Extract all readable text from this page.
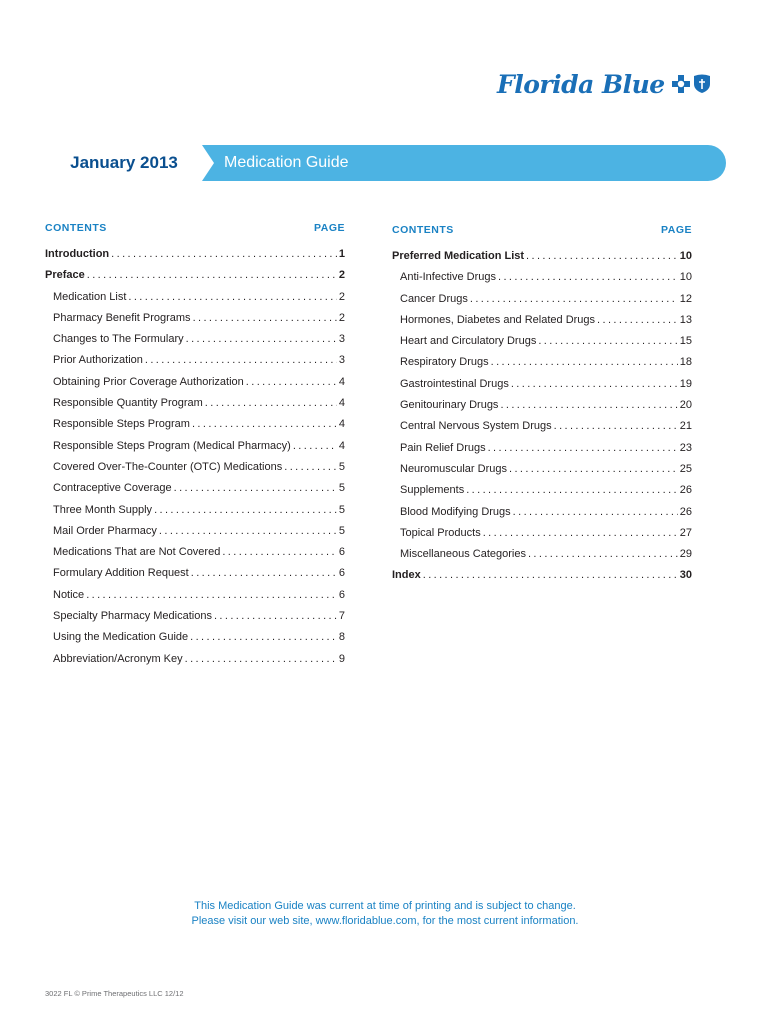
Florida Blue
January 2013	Medication Guide
CONTENTS	PAGE
Introduction .....	1
Preface .....	2
Medication List .....	2
Pharmacy Benefit Programs .....	2
Changes to The Formulary .....	3
Prior Authorization .....	3
Obtaining Prior Coverage Authorization .....	4
Responsible Quantity Program .....	4
Responsible Steps Program .....	4
Responsible Steps Program (Medical Pharmacy) .....	4
Covered Over-The-Counter (OTC) Medications .....	5
Contraceptive Coverage .....	5
Three Month Supply .....	5
Mail Order Pharmacy .....	5
Medications That are Not Covered .....	6
Formulary Addition Request .....	6
Notice .....	6
Specialty Pharmacy Medications .....	7
Using the Medication Guide .....	8
Abbreviation/Acronym Key .....	9
CONTENTS	PAGE
Preferred Medication List .....	10
Anti-Infective Drugs .....	10
Cancer Drugs .....	12
Hormones, Diabetes and Related Drugs .....	13
Heart and Circulatory Drugs .....	15
Respiratory Drugs .....	18
Gastrointestinal Drugs .....	19
Genitourinary Drugs .....	20
Central Nervous System Drugs .....	21
Pain Relief Drugs .....	23
Neuromuscular Drugs .....	25
Supplements .....	26
Blood Modifying Drugs .....	26
Topical Products .....	27
Miscellaneous Categories .....	29
Index .....	30
This Medication Guide was current at time of printing and is subject to change.
Please visit our web site, www.floridablue.com, for the most current information.
3022 FL © Prime Therapeutics LLC 12/12
